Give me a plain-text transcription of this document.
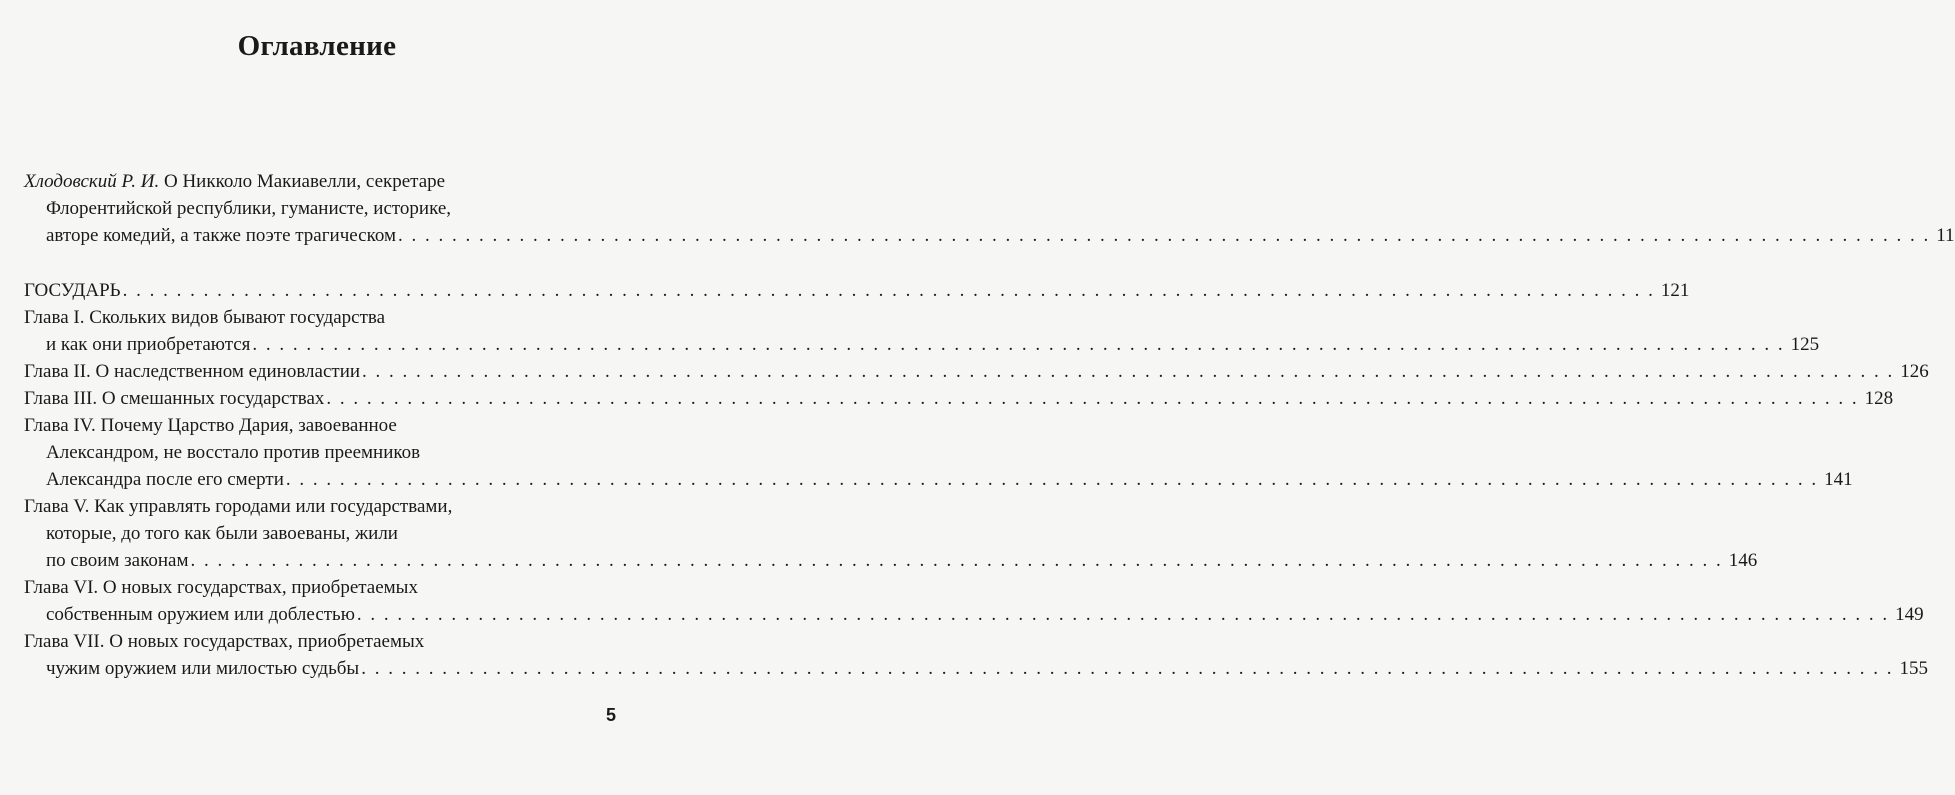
Оглавление
Хлодовский Р. И. О Никколо Макиавелли, секретаре
Флорентийской республики, гуманисте, историке,
авторе комедий, а также поэте трагическом . . .	11
ГОСУДАРЬ . . .	121
Глава I. Скольких видов бывают государства
и как они приобретаются . . .	125
Глава II. О наследственном единовластии . . .	126
Глава III. О смешанных государствах . . .	128
Глава IV. Почему Царство Дария, завоеванное
Александром, не восстало против преемников
Александра после его смерти . . .	141
Глава V. Как управлять городами или государствами,
которые, до того как были завоеваны, жили
по своим законам . . .	146
Глава VI. О новых государствах, приобретаемых
собственным оружием или доблестью . . .	149
Глава VII. О новых государствах, приобретаемых
чужим оружием или милостью судьбы . . .	155
5
